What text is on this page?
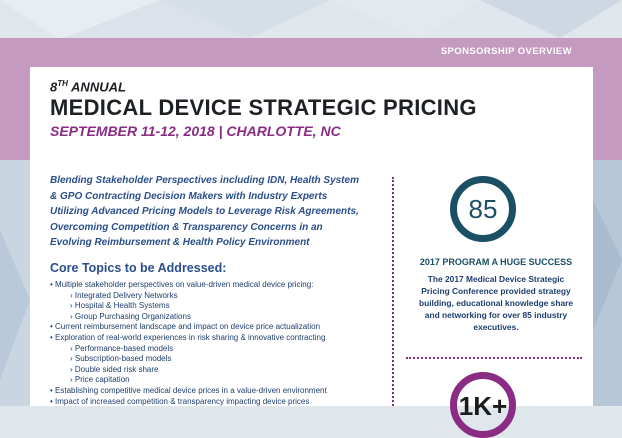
SPONSORSHIP OVERVIEW
8TH ANNUAL
MEDICAL DEVICE STRATEGIC PRICING
SEPTEMBER 11-12, 2018 | CHARLOTTE, NC
Blending Stakeholder Perspectives including IDN, Health System
& GPO Contracting Decision Makers with Industry Experts
Utilizing Advanced Pricing Models to Leverage Risk Agreements,
Overcoming Competition & Transparency Concerns in an
Evolving Reimbursement & Health Policy Environment
Core Topics to be Addressed:
• Multiple stakeholder perspectives on value-driven medical device pricing:
› Integrated Delivery Networks
› Hospital & Health Systems
› Group Purchasing Organizations
• Current reimbursement landscape and impact on device price actualization
• Exploration of real-world experiences in risk sharing & innovative contracting
› Performance-based models
› Subscription-based models
› Double sided risk share
› Price capitation
• Establishing competitive medical device prices in a value-driven environment
• Impact of increased competition & transparency impacting device prices
85
2017 PROGRAM A HUGE SUCCESS
The 2017 Medical Device Strategic
Pricing Conference provided strategy
building, educational knowledge share
and networking for over 85 industry
executives.
1K+
